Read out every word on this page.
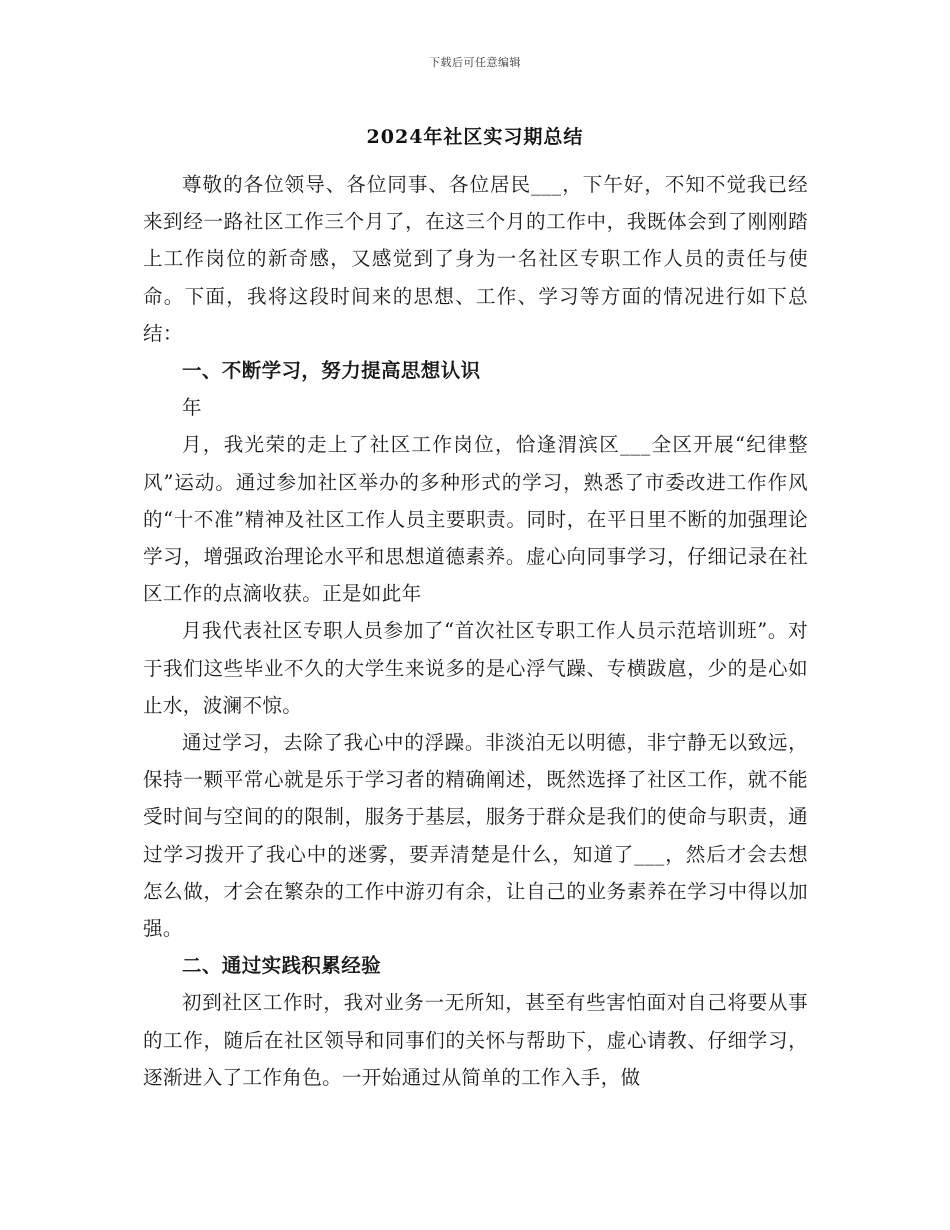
下载后可任意编辑
2024年社区实习期总结

尊敬的各位领导、各位同事、各位居民___，下午好，不知不觉我已经来到经一路社区工作三个月了，在这三个月的工作中，我既体会到了刚刚踏上工作岗位的新奇感，又感觉到了身为一名社区专职工作人员的责任与使命。下面，我将这段时间来的思想、工作、学习等方面的情况进行如下总结：

一、不断学习，努力提高思想认识

年

月，我光荣的走上了社区工作岗位，恰逢渭滨区___全区开展“纪律整风”运动。通过参加社区举办的多种形式的学习，熟悉了市委改进工作作风的“十不准”精神及社区工作人员主要职责。同时，在平日里不断的加强理论学习，增强政治理论水平和思想道德素养。虚心向同事学习，仔细记录在社区工作的点滴收获。正是如此年

月我代表社区专职人员参加了“首次社区专职工作人员示范培训班”。对于我们这些毕业不久的大学生来说多的是心浮气躁、专横跋扈，少的是心如止水，波澜不惊。

通过学习，去除了我心中的浮躁。非淡泊无以明德，非宁静无以致远，保持一颗平常心就是乐于学习者的精确阐述，既然选择了社区工作，就不能受时间与空间的的限制，服务于基层，服务于群众是我们的使命与职责，通过学习拨开了我心中的迷雾，要弄清楚是什么，知道了___，然后才会去想怎么做，才会在繁杂的工作中游刃有余，让自己的业务素养在学习中得以加强。

二、通过实践积累经验

初到社区工作时，我对业务一无所知，甚至有些害怕面对自己将要从事的工作，随后在社区领导和同事们的关怀与帮助下，虚心请教、仔细学习，逐渐进入了工作角色。一开始通过从简单的工作入手，做
